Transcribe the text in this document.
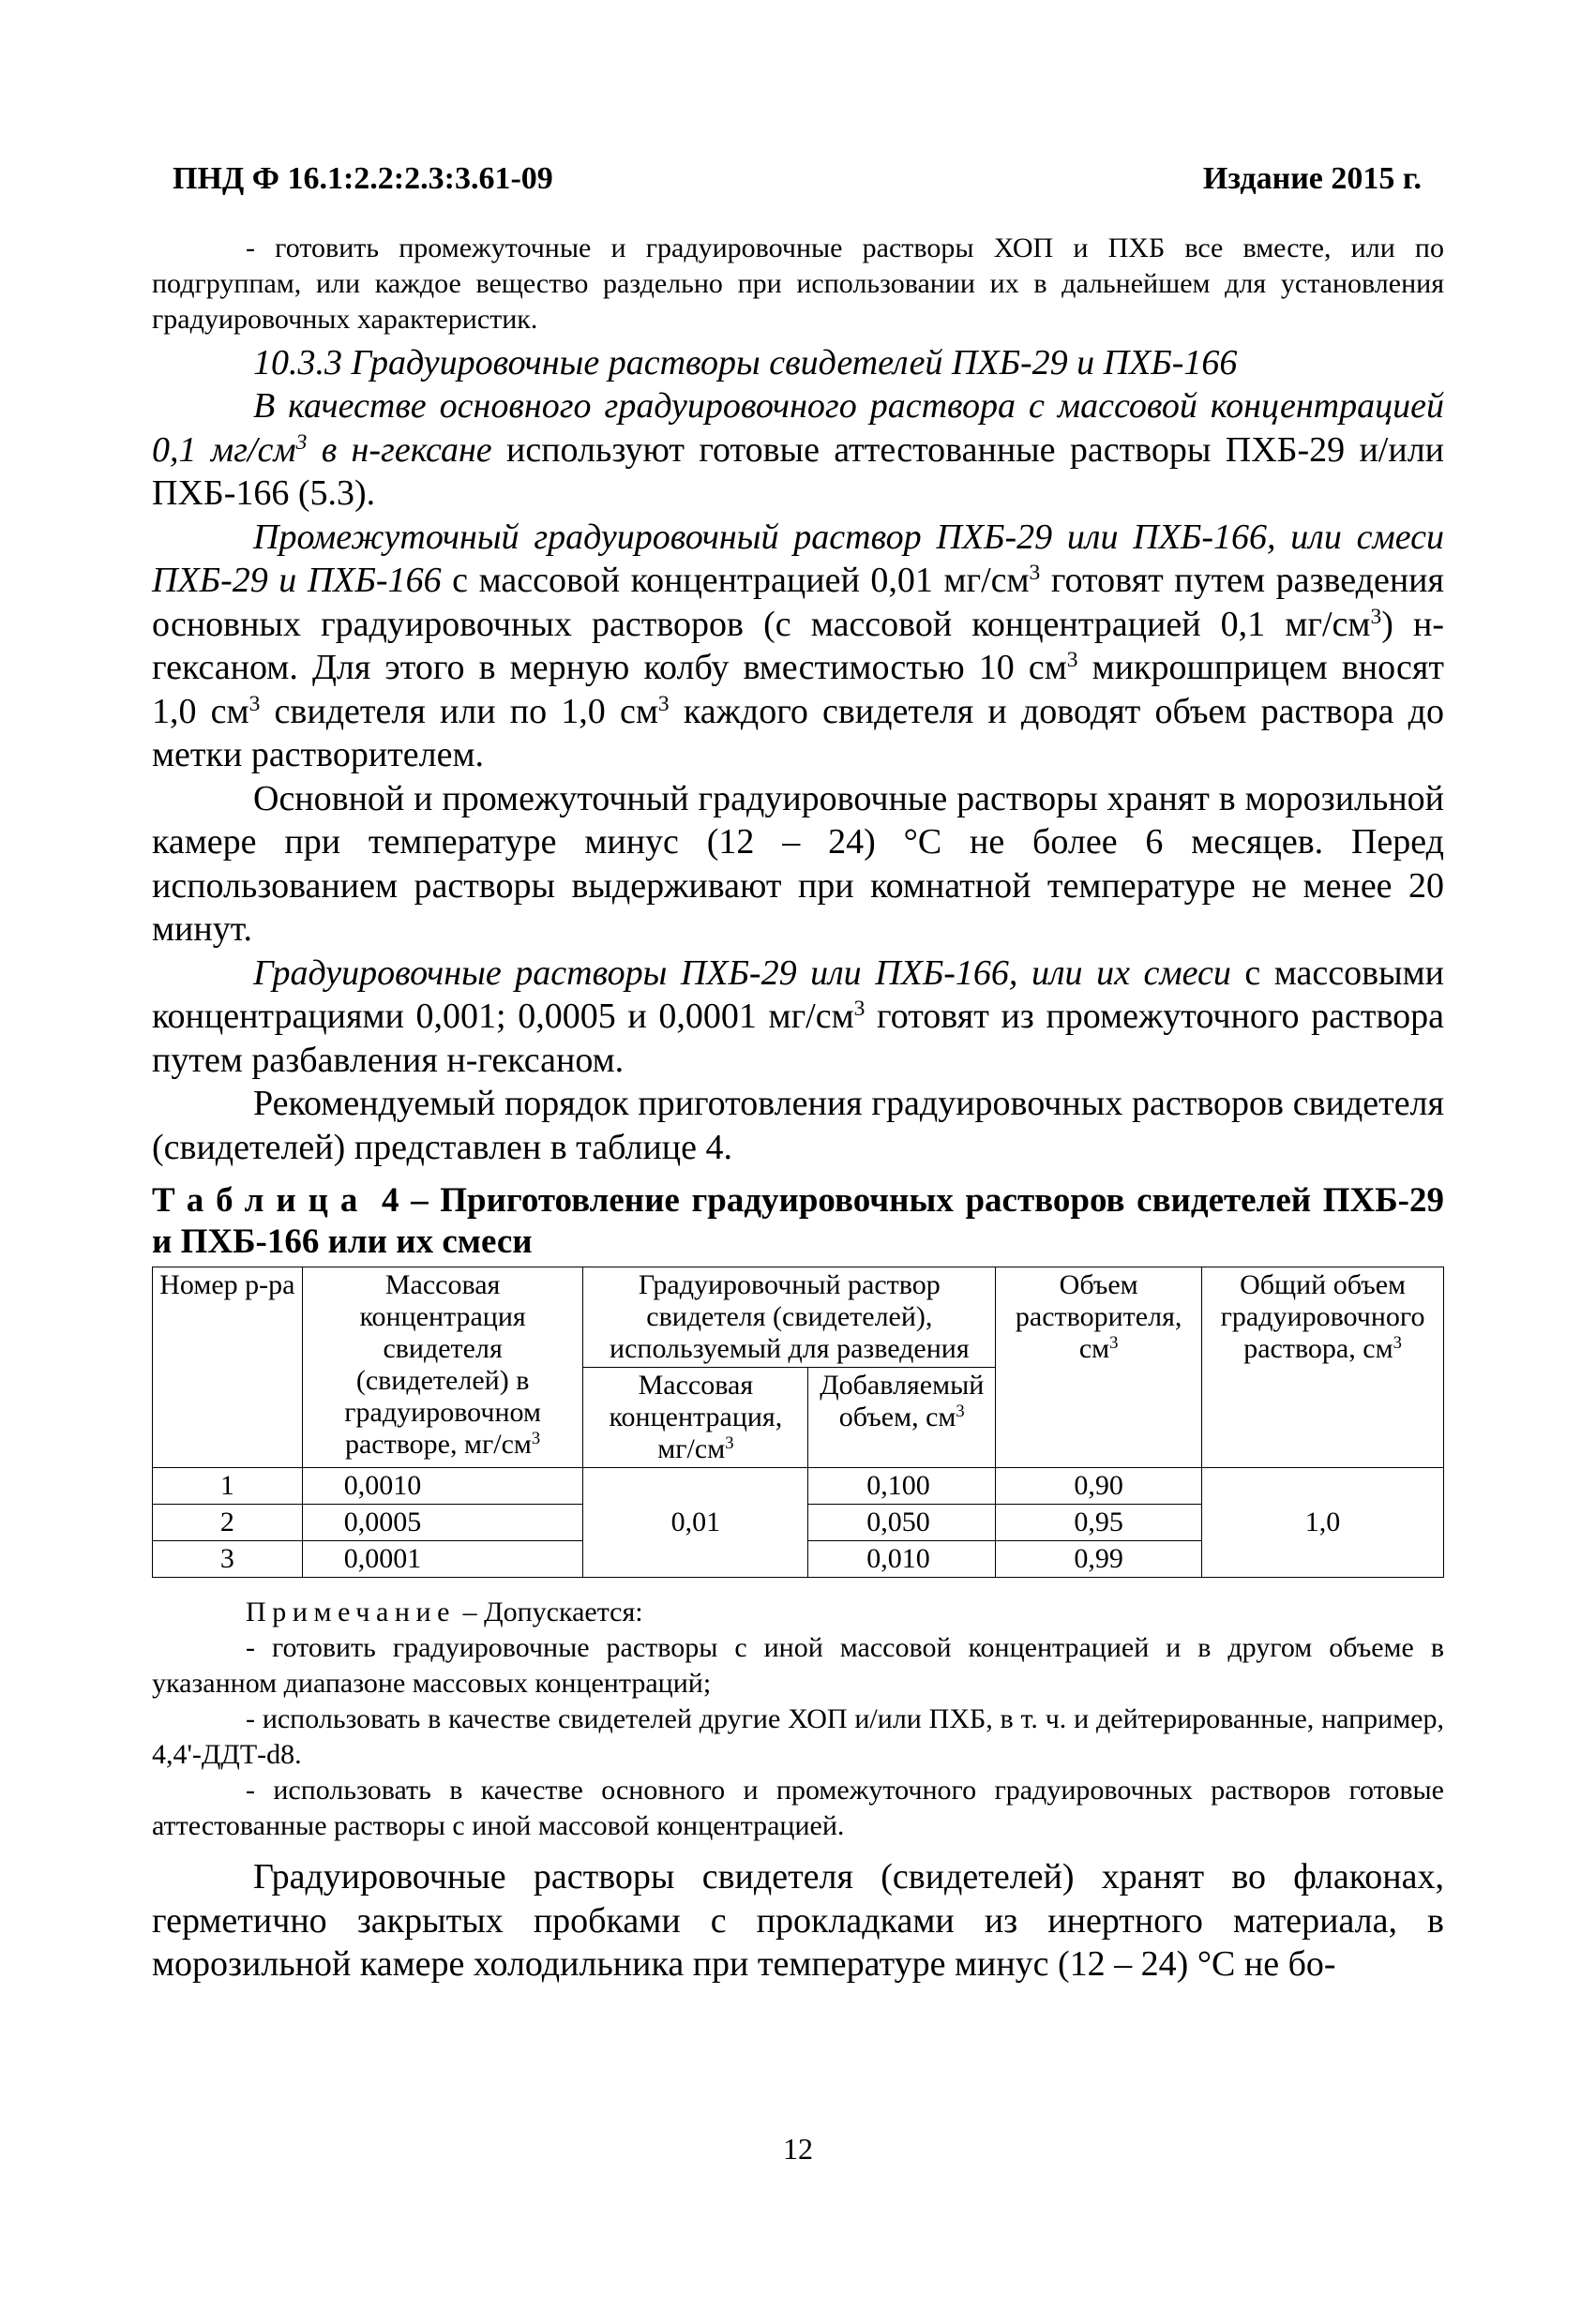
ПНД Ф 16.1:2.2:2.3:3.61-09	Издание 2015 г.

- готовить промежуточные и градуировочные растворы ХОП и ПХБ все вместе, или по подгруппам, или каждое вещество раздельно при использовании их в дальнейшем для установления градуировочных характеристик.

10.3.3 Градуировочные растворы свидетелей ПХБ-29 и ПХБ-166

В качестве основного градуировочного раствора с массовой концентрацией 0,1 $мг/см^3$ в н-гексане используют готовые аттестованные растворы ПХБ-29 и/или ПХБ-166 (5.3).

Промежуточный градуировочный раствор ПХБ-29 или ПХБ-166, или смеси ПХБ-29 и ПХБ-166 с массовой концентрацией 0,01 $мг/см^3$ готовят путем разведения основных градуировочных растворов (с массовой концентрацией 0,1 $мг/см^3$) н-гексаном. Для этого в мерную колбу вместимостью 10 $см^3$ микрошприцем вносят 1,0 $см^3$ свидетеля или по 1,0 $см^3$ каждого свидетеля и доводят объем раствора до метки растворителем.

Основной и промежуточный градуировочные растворы хранят в морозильной камере при температуре минус (12 – 24) °С не более 6 месяцев. Перед использованием растворы выдерживают при комнатной температуре не менее 20 минут.

Градуировочные растворы ПХБ-29 или ПХБ-166, или их смеси с массовыми концентрациями 0,001; 0,0005 и 0,0001 $мг/см^3$ готовят из промежуточного раствора путем разбавления н-гексаном.

Рекомендуемый порядок приготовления градуировочных растворов свидетеля (свидетелей) представлен в таблице 4.

Таблица 4 – Приготовление градуировочных растворов свидетелей ПХБ-29 и ПХБ-166 или их смеси
Номер р-ра	Массовая концентрация свидетеля (свидетелей) в градуировочном растворе, $мг/см^3$	Градуировочный раствор свидетеля (свидетелей), используемый для разведения		Объем растворителя, $см^3$	Общий объем градуировочного раствора, $см^3$
		Массовая концентрация, $мг/см^3$	Добавляемый объем, $см^3$
1	0,0010	0,01	0,100	0,90	1,0
2	0,0005		0,050	0,95	
3	0,0001		0,010	0,99	

Примечание – Допускается:

- готовить градуировочные растворы с иной массовой концентрацией и в другом объеме в указанном диапазоне массовых концентраций;

- использовать в качестве свидетелей другие ХОП и/или ПХБ, в т. ч. и дейтерированные, например, 4,4'-ДДТ-d8.

- использовать в качестве основного и промежуточного градуировочных растворов готовые аттестованные растворы с иной массовой концентрацией.

Градуировочные растворы свидетеля (свидетелей) хранят во флаконах, герметично закрытых пробками с прокладками из инертного материала, в морозильной камере холодильника при температуре минус (12 – 24) °С не бо-

12
